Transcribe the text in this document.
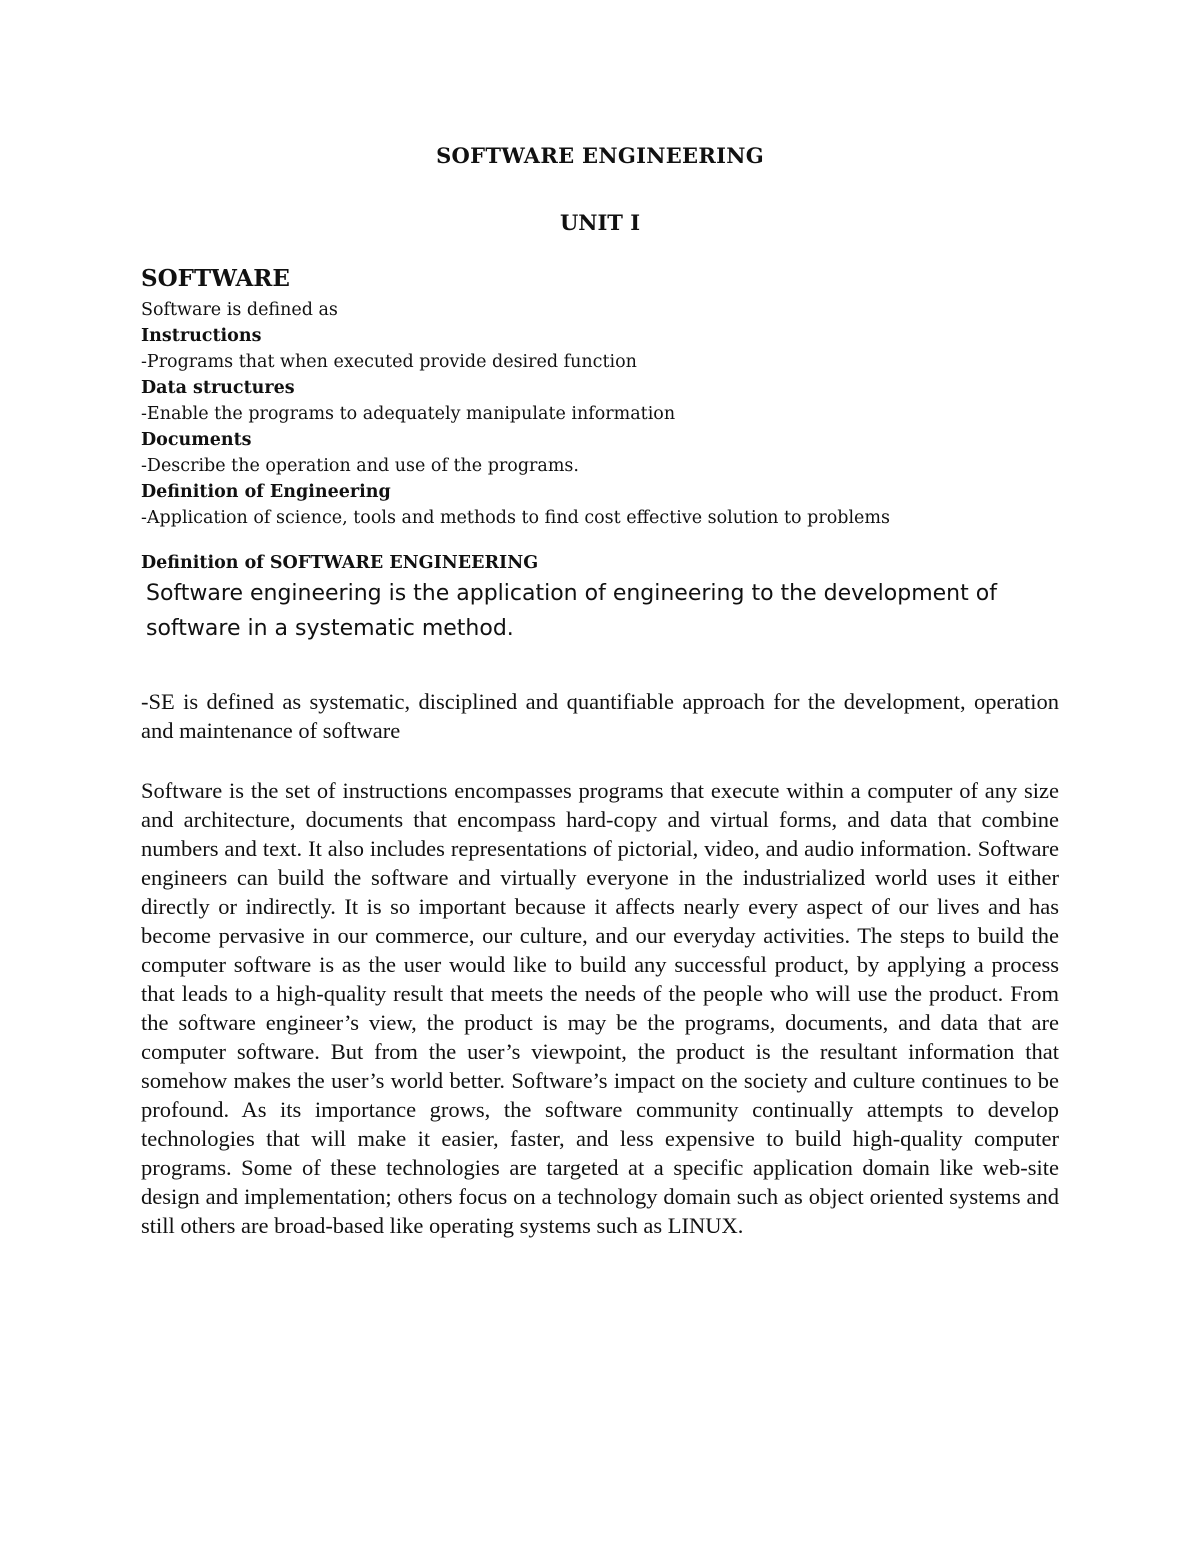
SOFTWARE ENGINEERING
UNIT I
SOFTWARE
Software is defined as
Instructions
-Programs that when executed provide desired function
Data structures
-Enable the programs to adequately manipulate information
Documents
-Describe the operation and use of the programs.
Definition of Engineering
-Application of science, tools and methods to find cost effective solution to problems
Definition of SOFTWARE ENGINEERING

Software engineering is the application of engineering to the development of software in a systematic method.

-SE is defined as systematic, disciplined and quantifiable approach for the development, operation and maintenance of software

Software is the set of instructions encompasses programs that execute within a computer of any size and architecture, documents that encompass hard-copy and virtual forms, and data that combine numbers and text. It also includes representations of pictorial, video, and audio information. Software engineers can build the software and virtually everyone in the industrialized world uses it either directly or indirectly. It is so important because it affects nearly every aspect of our lives and has become pervasive in our commerce, our culture, and our everyday activities. The steps to build the computer software is as the user would like to build any successful product, by applying a process that leads to a high-quality result that meets the needs of the people who will use the product. From the software engineer’s view, the product is may be the programs, documents, and data that are computer software. But from the user’s viewpoint, the product is the resultant information that somehow makes the user’s world better. Software’s impact on the society and culture continues to be profound. As its importance grows, the software community continually attempts to develop technologies that will make it easier, faster, and less expensive to build high-quality computer programs. Some of these technologies are targeted at a specific application domain like web-site design and implementation; others focus on a technology domain such as object oriented systems and still others are broad-based like operating systems such as LINUX.
